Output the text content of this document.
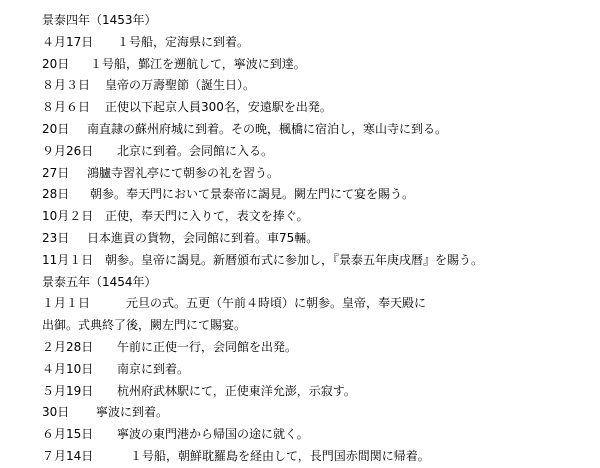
景泰四年（1453年）
４月17日	１号船，定海県に到着。
20日	１号船，鄞江を遡航して，寧波に到達。
８月３日	皇帝の万壽聖節（誕生日）。
８月６日	正使以下起京人員300名，安遠駅を出発。
20日	南直隷の蘇州府城に到着。その晩，楓橋に宿泊し，寒山寺に到る。
９月26日	北京に到着。会同館に入る。
27日	鴻臚寺習礼亭にて朝参の礼を習う。
28日	朝参。奉天門において景泰帝に謁見。闕左門にて宴を賜う。
10月２日 正使，奉天門に入りて，表文を捧ぐ。
23日	日本進貢の貨物，会同館に到着。車75輛。
11月１日 朝参。皇帝に謁見。新暦頒布式に参加し，『景泰五年庚戌暦』を賜う。
景泰五年（1454年）
１月１日	元旦の式。五更（午前４時頃）に朝参。皇帝，奉天殿に
出御。式典終了後，闕左門にて賜宴。
２月28日	午前に正使一行，会同館を出発。
４月10日	南京に到着。
５月19日	杭州府武林駅にて，正使東洋允澎，示寂す。
30日	寧波に到着。
６月15日	寧波の東門港から帰国の途に就く。
７月14日	１号船，朝鮮耽羅島を経由して，長門国赤間関に帰着。
